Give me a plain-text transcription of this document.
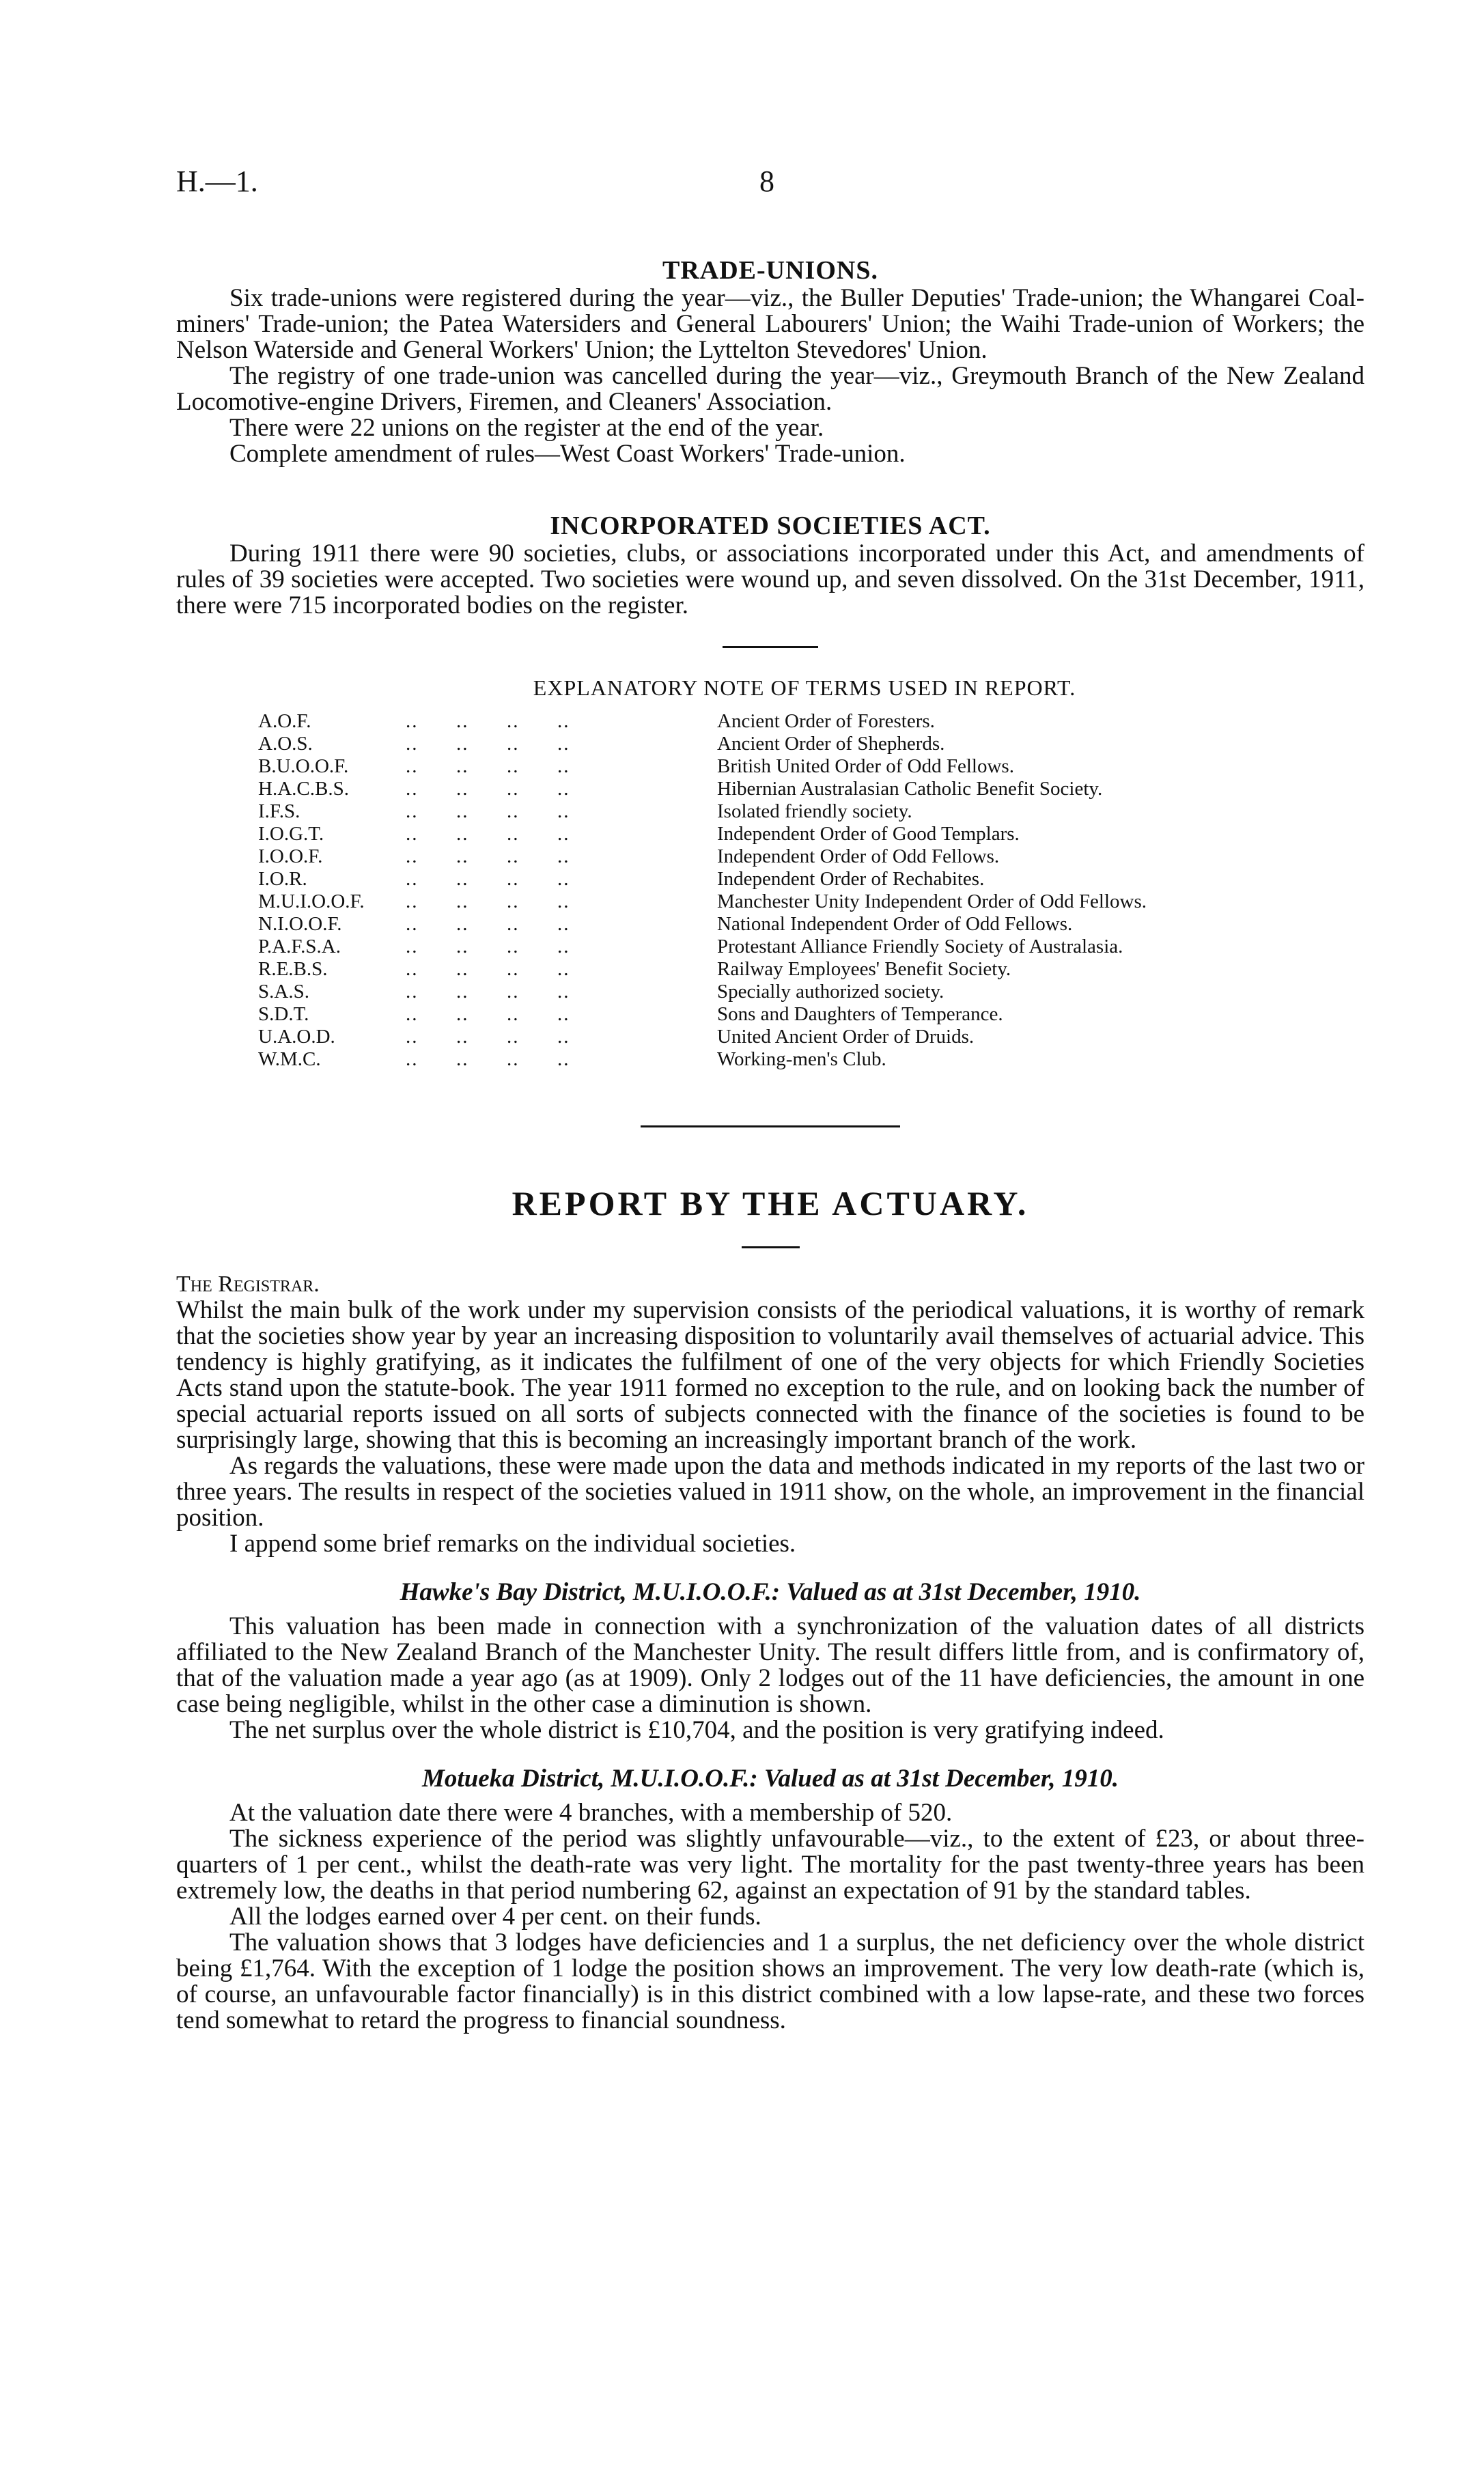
H.—1.	8
TRADE-UNIONS.

Six trade-unions were registered during the year—viz., the Buller Deputies' Trade-union; the Whangarei Coal-miners' Trade-union; the Patea Watersiders and General Labourers' Union; the Waihi Trade-union of Workers; the Nelson Waterside and General Workers' Union; the Lyttelton Stevedores' Union.

The registry of one trade-union was cancelled during the year—viz., Greymouth Branch of the New Zealand Locomotive-engine Drivers, Firemen, and Cleaners' Association.

There were 22 unions on the register at the end of the year.

Complete amendment of rules—West Coast Workers' Trade-union.

INCORPORATED SOCIETIES ACT.

During 1911 there were 90 societies, clubs, or associations incorporated under this Act, and amendments of rules of 39 societies were accepted. Two societies were wound up, and seven dissolved. On the 31st December, 1911, there were 715 incorporated bodies on the register.

EXPLANATORY NOTE OF TERMS USED IN REPORT.
A.O.F.	..      ..      ..      ..	Ancient Order of Foresters.
A.O.S.	..      ..      ..      ..	Ancient Order of Shepherds.
B.U.O.O.F.	..      ..      ..      ..	British United Order of Odd Fellows.
H.A.C.B.S.	..      ..      ..      ..	Hibernian Australasian Catholic Benefit Society.
I.F.S.	..      ..      ..      ..	Isolated friendly society.
I.O.G.T.	..      ..      ..      ..	Independent Order of Good Templars.
I.O.O.F.	..      ..      ..      ..	Independent Order of Odd Fellows.
I.O.R.	..      ..      ..      ..	Independent Order of Rechabites.
M.U.I.O.O.F.	..      ..      ..      ..	Manchester Unity Independent Order of Odd Fellows.
N.I.O.O.F.	..      ..      ..      ..	National Independent Order of Odd Fellows.
P.A.F.S.A.	..      ..      ..      ..	Protestant Alliance Friendly Society of Australasia.
R.E.B.S.	..      ..      ..      ..	Railway Employees' Benefit Society.
S.A.S.	..      ..      ..      ..	Specially authorized society.
S.D.T.	..      ..      ..      ..	Sons and Daughters of Temperance.
U.A.O.D.	..      ..      ..      ..	United Ancient Order of Druids.
W.M.C.	..      ..      ..      ..	Working-men's Club.
REPORT BY THE ACTUARY.
The Registrar.

Whilst the main bulk of the work under my supervision consists of the periodical valuations, it is worthy of remark that the societies show year by year an increasing disposition to voluntarily avail themselves of actuarial advice. This tendency is highly gratifying, as it indicates the fulfilment of one of the very objects for which Friendly Societies Acts stand upon the statute-book. The year 1911 formed no exception to the rule, and on looking back the number of special actuarial reports issued on all sorts of subjects connected with the finance of the societies is found to be surprisingly large, showing that this is becoming an increasingly important branch of the work.

As regards the valuations, these were made upon the data and methods indicated in my reports of the last two or three years. The results in respect of the societies valued in 1911 show, on the whole, an improvement in the financial position.

I append some brief remarks on the individual societies.

Hawke's Bay District, M.U.I.O.O.F.: Valued as at 31st December, 1910.

This valuation has been made in connection with a synchronization of the valuation dates of all districts affiliated to the New Zealand Branch of the Manchester Unity. The result differs little from, and is confirmatory of, that of the valuation made a year ago (as at 1909). Only 2 lodges out of the 11 have deficiencies, the amount in one case being negligible, whilst in the other case a diminution is shown.

The net surplus over the whole district is £10,704, and the position is very gratifying indeed.

Motueka District, M.U.I.O.O.F.: Valued as at 31st December, 1910.

At the valuation date there were 4 branches, with a membership of 520.

The sickness experience of the period was slightly unfavourable—viz., to the extent of £23, or about three-quarters of 1 per cent., whilst the death-rate was very light. The mortality for the past twenty-three years has been extremely low, the deaths in that period numbering 62, against an expectation of 91 by the standard tables.

All the lodges earned over 4 per cent. on their funds.

The valuation shows that 3 lodges have deficiencies and 1 a surplus, the net deficiency over the whole district being £1,764. With the exception of 1 lodge the position shows an improvement. The very low death-rate (which is, of course, an unfavourable factor financially) is in this district combined with a low lapse-rate, and these two forces tend somewhat to retard the progress to financial soundness.
